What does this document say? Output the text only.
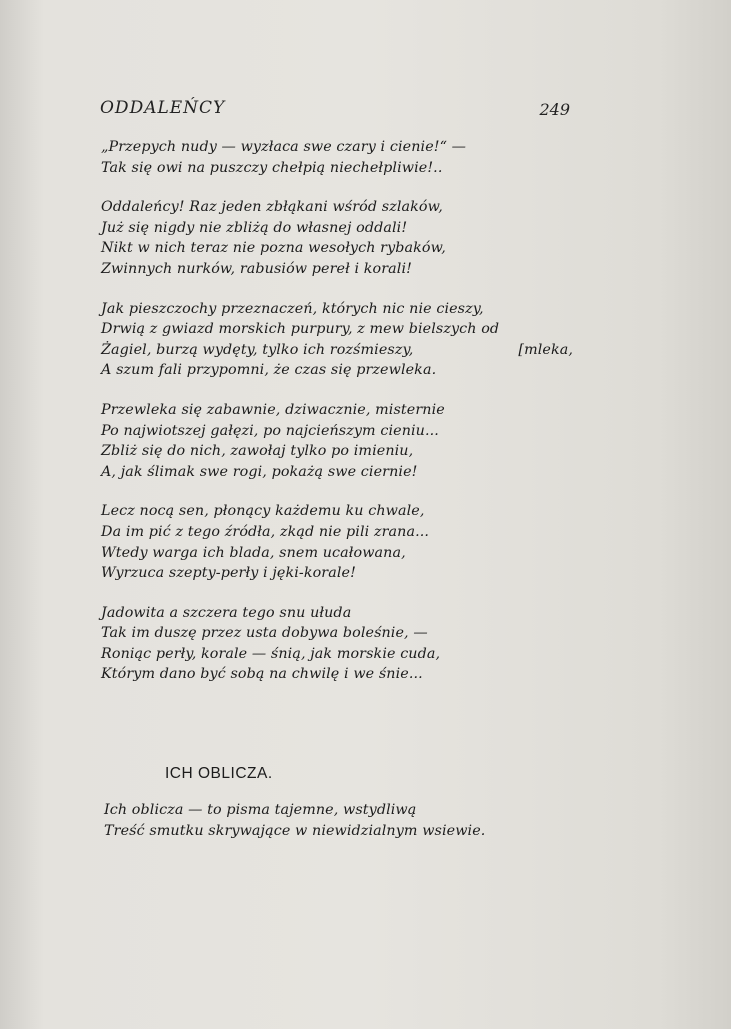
ODDALEŃCY	249
„Przepych nudy — wyzłaca swe czary i cienie!“ —
Tak się owi na puszczy chełpią niechełpliwie!..
Oddaleńcy! Raz jeden zbłąkani wśród szlaków,
Już się nigdy nie zbliżą do własnej oddali!
Nikt w nich teraz nie pozna wesołych rybaków,
Zwinnych nurków, rabusiów pereł i korali!
Jak pieszczochy przeznaczeń, których nic nie cieszy,
Drwią z gwiazd morskich purpury, z mew bielszych od
Żagiel, burzą wydęty, tylko ich rozśmieszy,	[mleka,
A szum fali przypomni, że czas się przewleka.
Przewleka się zabawnie, dziwacznie, misternie
Po najwiotszej gałęzi, po najcieńszym cieniu...
Zbliż się do nich, zawołaj tylko po imieniu,
A, jak ślimak swe rogi, pokażą swe ciernie!
Lecz nocą sen, płonący każdemu ku chwale,
Da im pić z tego źródła, zkąd nie pili zrana...
Wtedy warga ich blada, snem ucałowana,
Wyrzuca szepty-perły i jęki-korale!
Jadowita a szczera tego snu ułuda
Tak im duszę przez usta dobywa boleśnie, —
Roniąc perły, korale — śnią, jak morskie cuda,
Którym dano być sobą na chwilę i we śnie...
ICH OBLICZA.
Ich oblicza — to pisma tajemne, wstydliwą
Treść smutku skrywające w niewidzialnym wsiewie.
